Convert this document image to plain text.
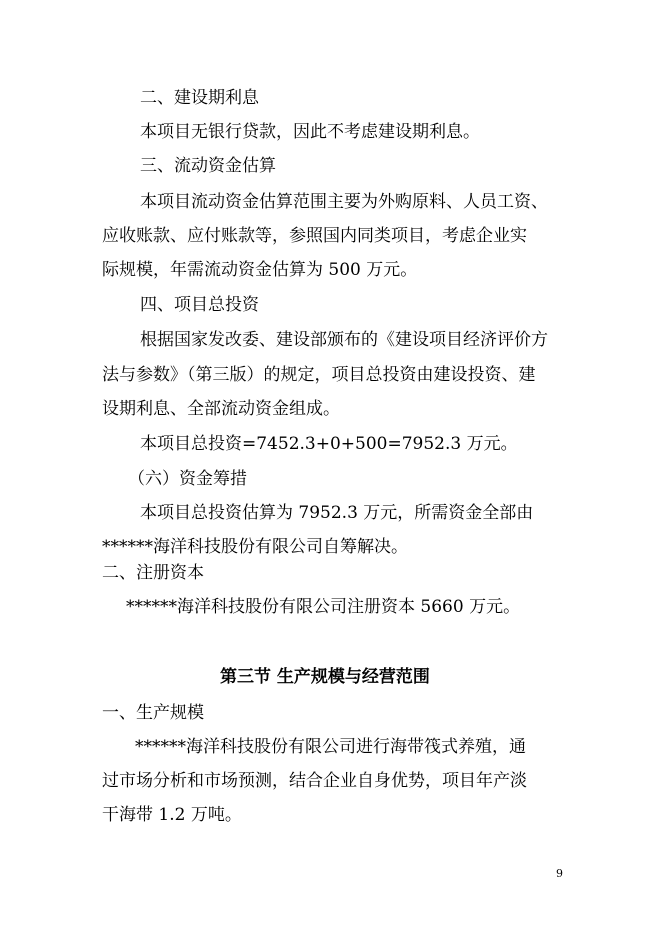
二、建设期利息
本项目无银行贷款，因此不考虑建设期利息。
三、流动资金估算
本项目流动资金估算范围主要为外购原料、人员工资、
应收账款、应付账款等，参照国内同类项目，考虑企业实
际规模，年需流动资金估算为 500 万元。
四、项目总投资
根据国家发改委、建设部颁布的《建设项目经济评价方
法与参数》（第三版）的规定，项目总投资由建设投资、建
设期利息、全部流动资金组成。
本项目总投资=7452.3+0+500=7952.3 万元。
（六）资金筹措
本项目总投资估算为 7952.3 万元，所需资金全部由
******海洋科技股份有限公司自筹解决。
二、注册资本
******海洋科技股份有限公司注册资本 5660 万元。
第三节 生产规模与经营范围
一、生产规模
******海洋科技股份有限公司进行海带筏式养殖，通
过市场分析和市场预测，结合企业自身优势，项目年产淡
干海带 1.2 万吨。
9
